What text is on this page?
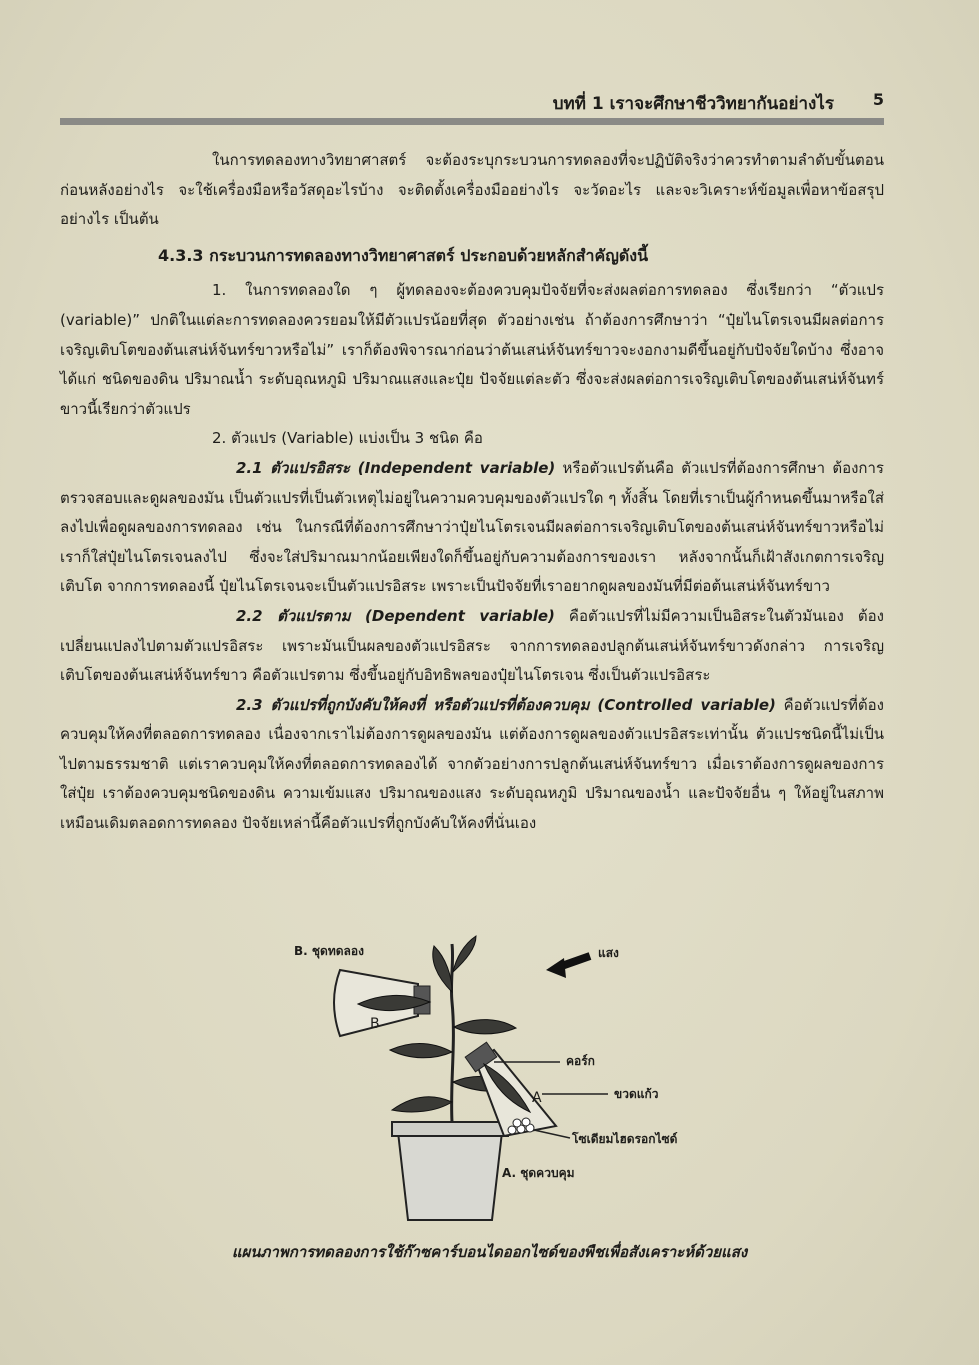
บทที่ 1 เราจะศึกษาชีววิทยากันอย่างไร 5

ในการทดลองทางวิทยาศาสตร์ จะต้องระบุกระบวนการทดลองที่จะปฏิบัติจริงว่าควรทำตามลำดับขั้นตอนก่อนหลังอย่างไร จะใช้เครื่องมือหรือวัสดุอะไรบ้าง จะติดตั้งเครื่องมืออย่างไร จะวัดอะไร และจะวิเคราะห์ข้อมูลเพื่อหาข้อสรุปอย่างไร เป็นต้น

4.3.3 กระบวนการทดลองทางวิทยาศาสตร์ ประกอบด้วยหลักสำคัญดังนี้

1. ในการทดลองใด ๆ ผู้ทดลองจะต้องควบคุมปัจจัยที่จะส่งผลต่อการทดลอง ซึ่งเรียกว่า “ตัวแปร (variable)” ปกติในแต่ละการทดลองควรยอมให้มีตัวแปรน้อยที่สุด ตัวอย่างเช่น ถ้าต้องการศึกษาว่า “ปุ๋ยไนโตรเจนมีผลต่อการเจริญเติบโตของต้นเสน่ห์จันทร์ขาวหรือไม่” เราก็ต้องพิจารณาก่อนว่าต้นเสน่ห์จันทร์ขาวจะงอกงามดีขึ้นอยู่กับปัจจัยใดบ้าง ซึ่งอาจได้แก่ ชนิดของดิน ปริมาณน้ำ ระดับอุณหภูมิ ปริมาณแสงและปุ๋ย ปัจจัยแต่ละตัว ซึ่งจะส่งผลต่อการเจริญเติบโตของต้นเสน่ห์จันทร์ขาวนี้เรียกว่าตัวแปร

2. ตัวแปร (Variable) แบ่งเป็น 3 ชนิด คือ

2.1 ตัวแปรอิสระ (Independent variable) หรือตัวแปรต้นคือ ตัวแปรที่ต้องการศึกษา ต้องการตรวจสอบและดูผลของมัน เป็นตัวแปรที่เป็นตัวเหตุไม่อยู่ในความควบคุมของตัวแปรใด ๆ ทั้งสิ้น โดยที่เราเป็นผู้กำหนดขึ้นมาหรือใส่ลงไปเพื่อดูผลของการทดลอง เช่น ในกรณีที่ต้องการศึกษาว่าปุ๋ยไนโตรเจนมีผลต่อการเจริญเติบโตของต้นเสน่ห์จันทร์ขาวหรือไม่ เราก็ใส่ปุ๋ยไนโตรเจนลงไป ซึ่งจะใส่ปริมาณมากน้อยเพียงใดก็ขึ้นอยู่กับความต้องการของเรา หลังจากนั้นก็เฝ้าสังเกตการเจริญเติบโต จากการทดลองนี้ ปุ๋ยไนโตรเจนจะเป็นตัวแปรอิสระ เพราะเป็นปัจจัยที่เราอยากดูผลของมันที่มีต่อต้นเสน่ห์จันทร์ขาว

2.2 ตัวแปรตาม (Dependent variable) คือตัวแปรที่ไม่มีความเป็นอิสระในตัวมันเอง ต้องเปลี่ยนแปลงไปตามตัวแปรอิสระ เพราะมันเป็นผลของตัวแปรอิสระ จากการทดลองปลูกต้นเสน่ห์จันทร์ขาวดังกล่าว การเจริญเติบโตของต้นเสน่ห์จันทร์ขาว คือตัวแปรตาม ซึ่งขึ้นอยู่กับอิทธิพลของปุ๋ยไนโตรเจน ซึ่งเป็นตัวแปรอิสระ

2.3 ตัวแปรที่ถูกบังคับให้คงที่ หรือตัวแปรที่ต้องควบคุม (Controlled variable) คือตัวแปรที่ต้องควบคุมให้คงที่ตลอดการทดลอง เนื่องจากเราไม่ต้องการดูผลของมัน แต่ต้องการดูผลของตัวแปรอิสระเท่านั้น ตัวแปรชนิดนี้ไม่เป็นไปตามธรรมชาติ แต่เราควบคุมให้คงที่ตลอดการทดลองได้ จากตัวอย่างการปลูกต้นเสน่ห์จันทร์ขาว เมื่อเราต้องการดูผลของการใส่ปุ๋ย เราต้องควบคุมชนิดของดิน ความเข้มแสง ปริมาณของแสง ระดับอุณหภูมิ ปริมาณของน้ำ และปัจจัยอื่น ๆ ให้อยู่ในสภาพเหมือนเดิมตลอดการทดลอง ปัจจัยเหล่านี้คือตัวแปรที่ถูกบังคับให้คงที่นั่นเอง

B. ชุดทดลอง	แสง
คอร์ก
ขวดแก้ว
โซเดียมไฮดรอกไซด์
A. ชุดควบคุม
B
A
แผนภาพการทดลองการใช้ก๊าซคาร์บอนไดออกไซด์ของพืชเพื่อสังเคราะห์ด้วยแสง
